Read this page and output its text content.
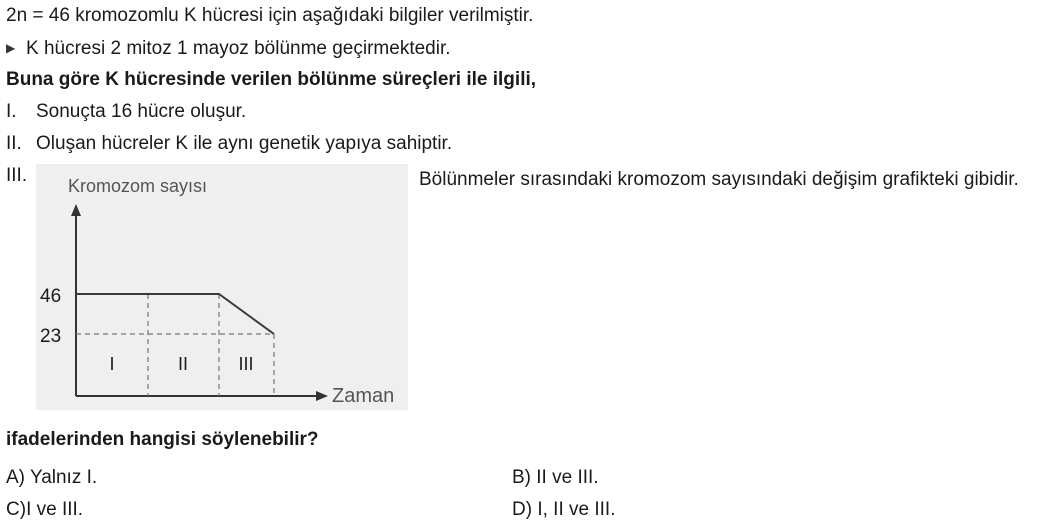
2n = 46 kromozomlu K hücresi için aşağıdaki bilgiler verilmiştir.
▶ K hücresi 2 mitoz 1 mayoz bölünme geçirmektedir.
Buna göre K hücresinde verilen bölünme süreçleri ile ilgili,
I. Sonuçta 16 hücre oluşur.
II. Oluşan hücreler K ile aynı genetik yapıya sahiptir.
III. Kromozom sayısı
Zaman
46
23
I	II	III
Bölünmeler sırasındaki kromozom sayısındaki değişim grafikteki gibidir.
ifadelerinden hangisi söylenebilir?
A) Yalnız I.	B) II ve III.
C)I ve III.	D) I, II ve III.
